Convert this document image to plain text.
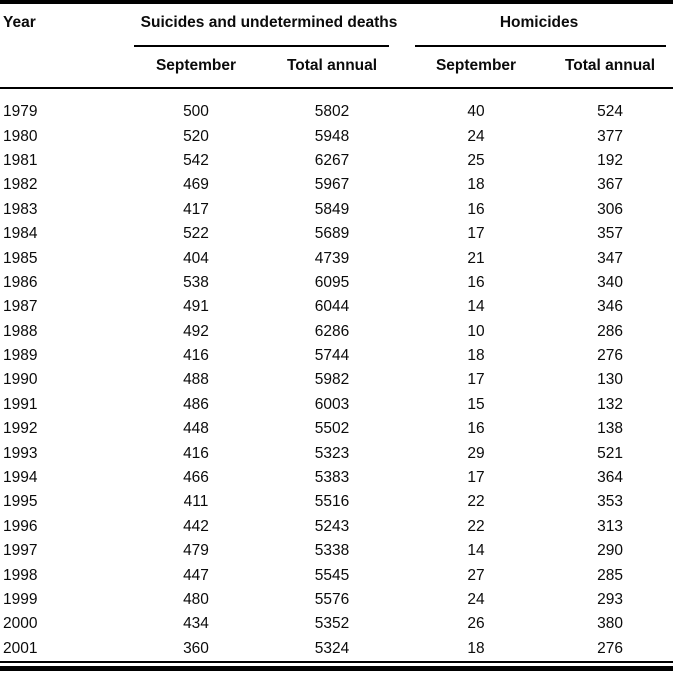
Year	Suicides and undetermined deaths		Homicides	
	September	Total annual	September	Total annual
1979	500	5802	40	524
1980	520	5948	24	377
1981	542	6267	25	192
1982	469	5967	18	367
1983	417	5849	16	306
1984	522	5689	17	357
1985	404	4739	21	347
1986	538	6095	16	340
1987	491	6044	14	346
1988	492	6286	10	286
1989	416	5744	18	276
1990	488	5982	17	130
1991	486	6003	15	132
1992	448	5502	16	138
1993	416	5323	29	521
1994	466	5383	17	364
1995	411	5516	22	353
1996	442	5243	22	313
1997	479	5338	14	290
1998	447	5545	27	285
1999	480	5576	24	293
2000	434	5352	26	380
2001	360	5324	18	276
